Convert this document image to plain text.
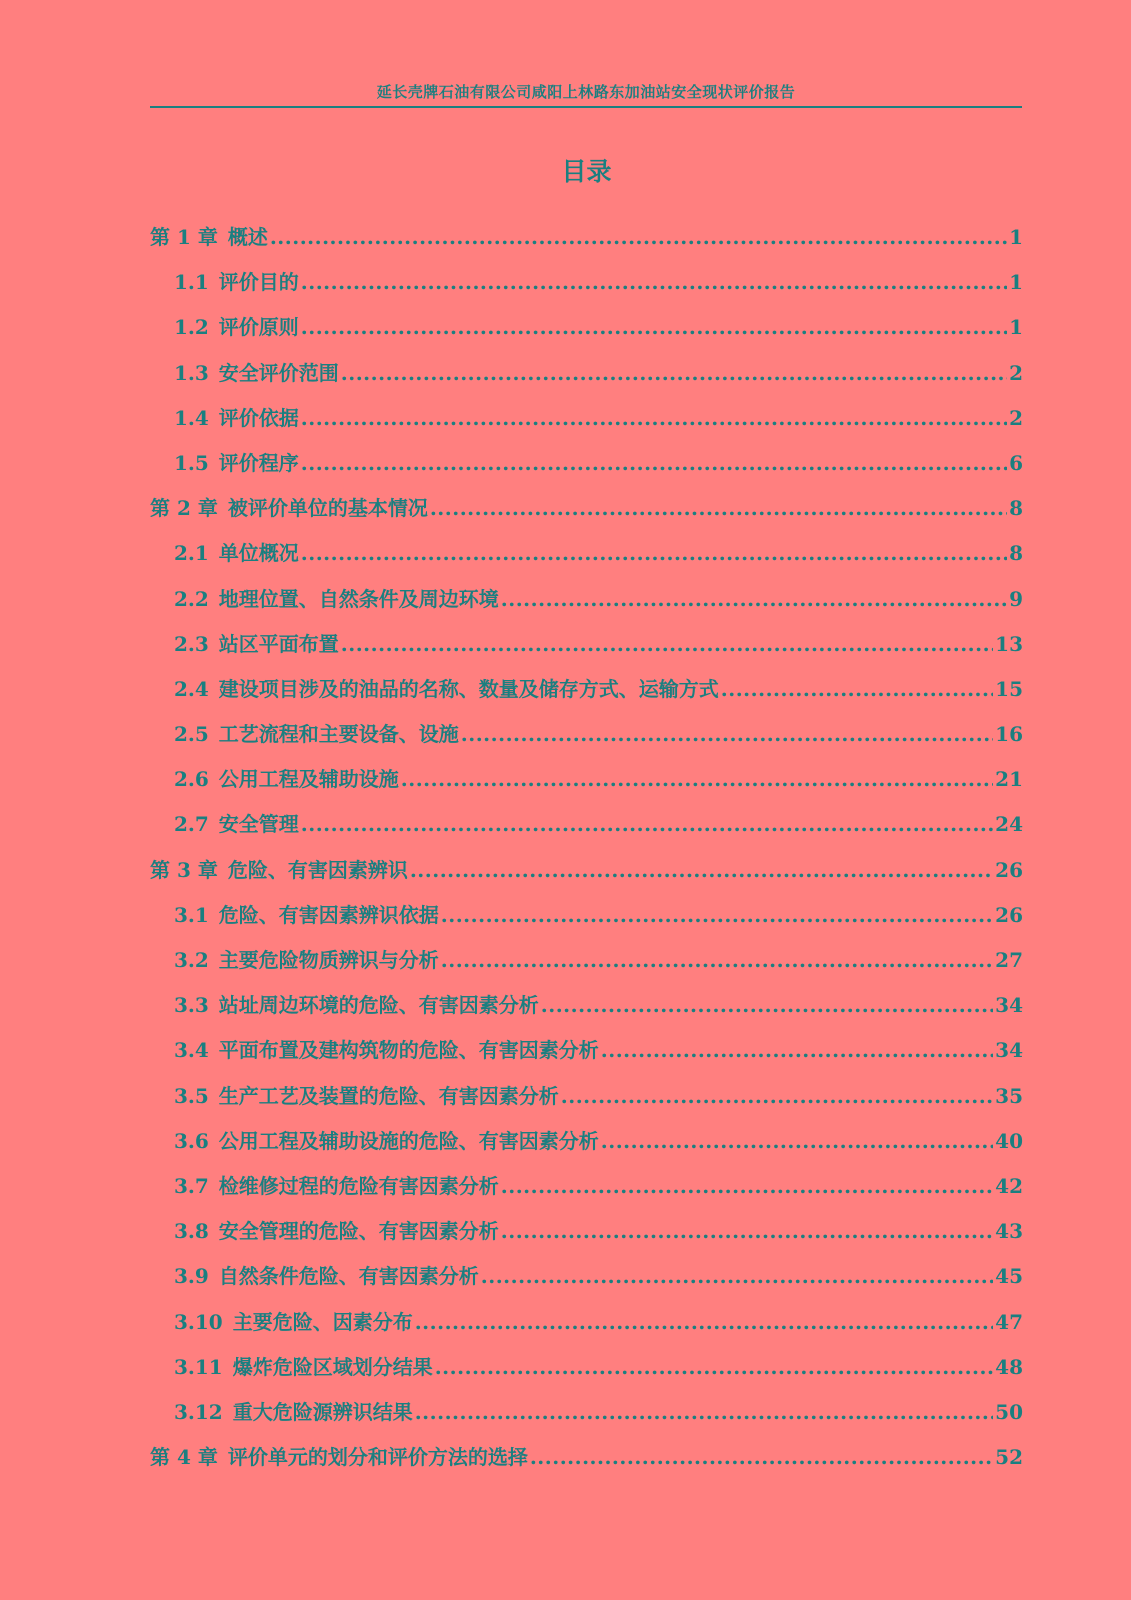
延长壳牌石油有限公司咸阳上林路东加油站安全现状评价报告
目录
第 1 章 概述 .....	1
1.1 评价目的 .....	1
1.2 评价原则 .....	1
1.3 安全评价范围 .....	2
1.4 评价依据 .....	2
1.5 评价程序 .....	6
第 2 章 被评价单位的基本情况 .....	8
2.1 单位概况 .....	8
2.2 地理位置、自然条件及周边环境 .....	9
2.3 站区平面布置 .....	13
2.4 建设项目涉及的油品的名称、数量及储存方式、运输方式 .....	15
2.5 工艺流程和主要设备、设施 .....	16
2.6 公用工程及辅助设施 .....	21
2.7 安全管理 .....	24
第 3 章 危险、有害因素辨识 .....	26
3.1 危险、有害因素辨识依据 .....	26
3.2 主要危险物质辨识与分析 .....	27
3.3 站址周边环境的危险、有害因素分析 .....	34
3.4 平面布置及建构筑物的危险、有害因素分析 .....	34
3.5 生产工艺及装置的危险、有害因素分析 .....	35
3.6 公用工程及辅助设施的危险、有害因素分析 .....	40
3.7 检维修过程的危险有害因素分析 .....	42
3.8 安全管理的危险、有害因素分析 .....	43
3.9 自然条件危险、有害因素分析 .....	45
3.10 主要危险、因素分布 .....	47
3.11 爆炸危险区域划分结果 .....	48
3.12 重大危险源辨识结果 .....	50
第 4 章 评价单元的划分和评价方法的选择 .....	52
